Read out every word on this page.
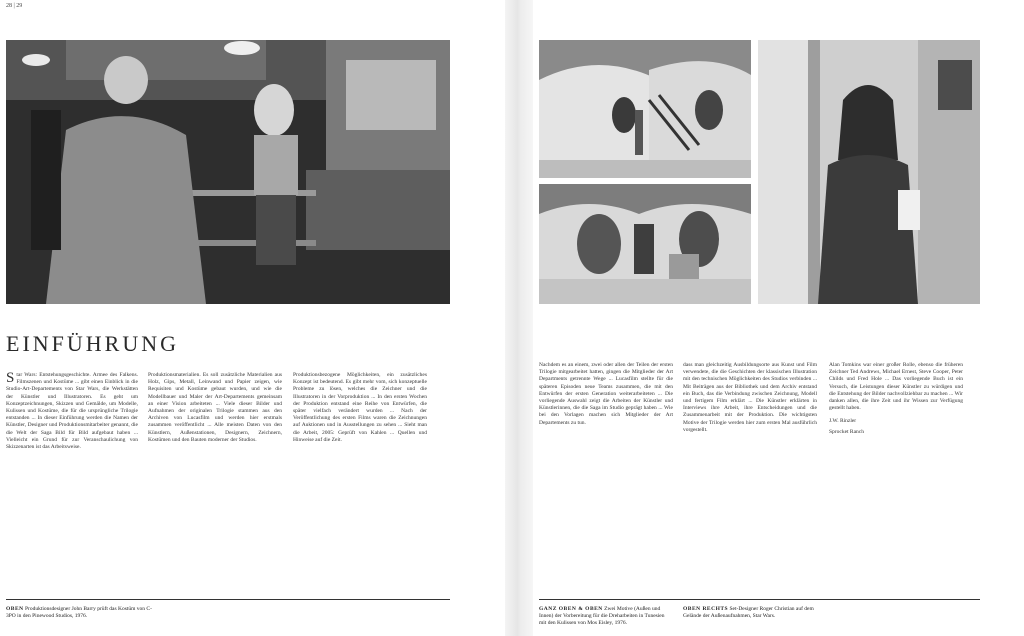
28 | 29
EINFÜHRUNG

Star Wars: Entstehungsgeschichte. Armee des Falkens. Filmszenen und Kostüme ... gibt einen Einblick in die Studio-Art-Departements von Star Wars, die Werkstätten der Künstler und Illustratoren. Es geht um Konzeptzeichnungen, Skizzen und Gemälde, um Modelle, Kulissen und Kostüme, die für die ursprüngliche Trilogie entstanden ... In dieser Einführung werden die Namen der Künstler, Designer und Produktionsmitarbeiter genannt, die die Welt der Saga Bild für Bild aufgebaut haben ... Vielleicht ein Grund für zur Veranschaulichung von Skizzenarten ist das Arbeitsweise.

Produktionsmaterialien. Es soll zusätzliche Materialien aus Holz, Gips, Metall, Leinwand und Papier zeigen, wie Requisiten und Kostüme gebaut wurden, und wie die Modellbauer und Maler der Art-Departements gemeinsam an einer Vision arbeiteten ... Viele dieser Bilder und Aufnahmen der originalen Trilogie stammen aus den Archiven von Lucasfilm und werden hier erstmals zusammen veröffentlicht ... Alle meisten Daten von den Künstlern, Außenstationen, Designern, Zeichnern, Kostümen und den Bauten moderner der Studios.

Produktionsbezogene Möglichkeiten, ein zusätzliches Konzept ist bedeutend. Es gibt mehr vom, sich konzeptuelle Probleme zu lösen, welches die Zeichner und die Illustratoren in der Vorproduktion ... In den ersten Wochen der Produktion entstand eine Reihe von Entwürfen, die später vielfach verändert wurden ... Nach der Veröffentlichung des ersten Films waren die Zeichnungen auf Auktionen und in Ausstellungen zu sehen ... Sieht man die Arbeit, 2005: Geprüft von Kahlen ... Quellen und Hinweise auf die Zeit.

Nachdem es an einem, zwei oder allen der Teilen der ersten Trilogie mitgearbeitet hatten, gingen die Mitglieder der Art Departments getrennte Wege ... Lucasfilm stellte für die späteren Episoden neue Teams zusammen, die mit den Entwürfen der ersten Generation weiterarbeiteten ... Die vorliegende Auswahl zeigt die Arbeiten der Künstler und Künstlerinnen, die die Saga im Studio geprägt haben ... Wie bei den Vorlagen machen sich Mitglieder der Art Departements zu tun.

dass man gleichzeitig Ausbildungsorte aus Kunst und Film verwendete, die die Geschichten der klassischen Illustration mit den technischen Möglichkeiten des Studios verbinden ... Mit Beiträgen aus der Bibliothek und dem Archiv entstand ein Buch, das die Verbindung zwischen Zeichnung, Modell und fertigem Film erklärt ... Die Künstler erklärten in Interviews ihre Arbeit, ihre Entscheidungen und die Zusammenarbeit mit der Produktion. Die wichtigsten Motive der Trilogie werden hier zum ersten Mal ausführlich vorgestellt.

Alan Tomkins war einer großer Rolle, ebenso die früheren Zeichner Ted Andrews, Michael Ernest, Steve Cooper, Peter Childs und Fred Hole ... Das vorliegende Buch ist ein Versuch, die Leistungen dieser Künstler zu würdigen und die Entstehung der Bilder nachvollziehbar zu machen ... Wir danken allen, die ihre Zeit und ihr Wissen zur Verfügung gestellt haben.

J.W. Rinzler

Sprocket Ranch

OBEN Produktionsdesigner John Barry prüft das Kostüm von C-3PO in den Pinewood Studios, 1976.
GANZ OBEN & OBEN Zwei Motive (Außen und Innen) der Vorbereitung für die Dreharbeiten in Tunesien mit den Kulissen von Mos Eisley, 1976.
OBEN RECHTS Set-Designer Roger Christian auf dem Gelände der Außenaufnahmen, Star Wars.
